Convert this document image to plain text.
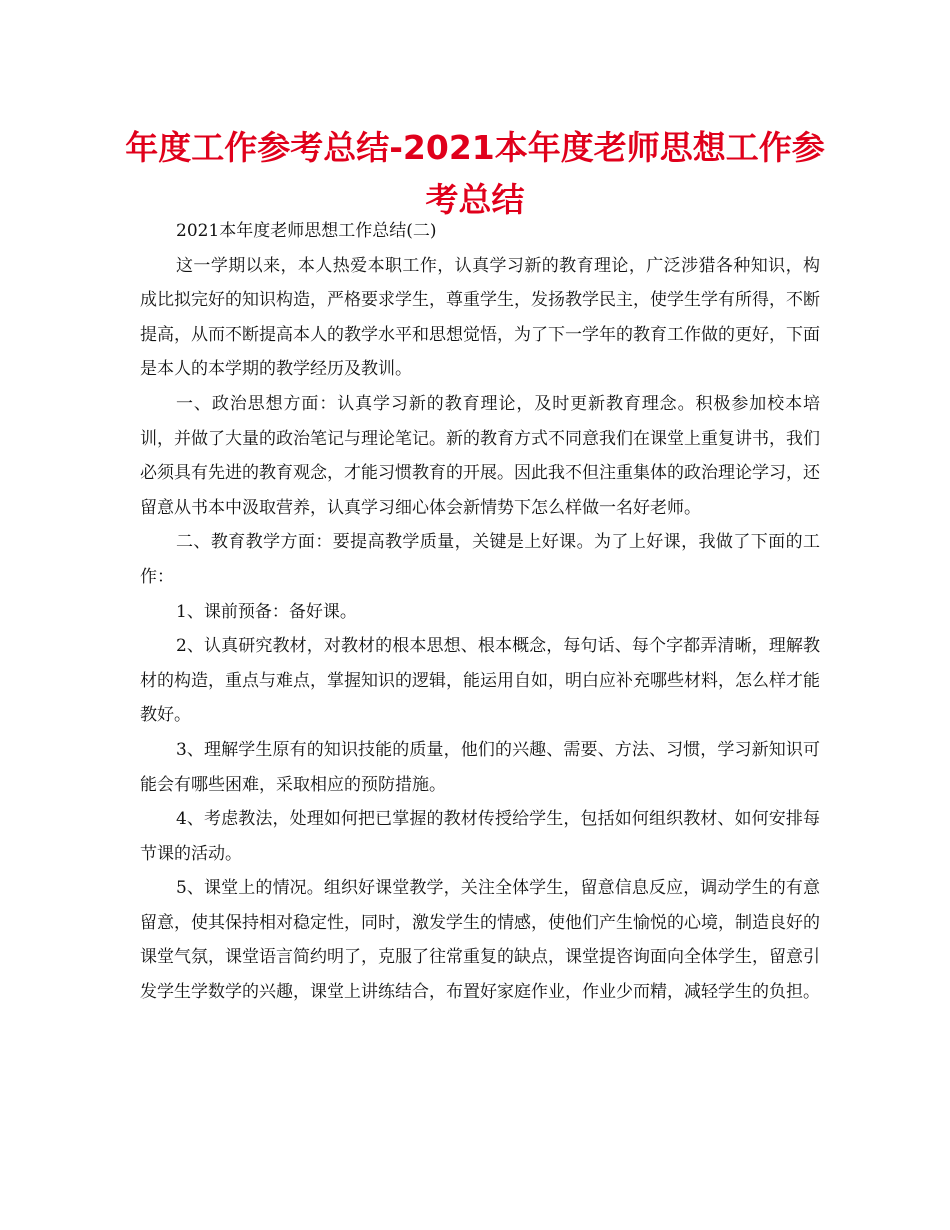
年度工作参考总结-2021本年度老师思想工作参考总结

2021本年度老师思想工作总结(二)

这一学期以来，本人热爱本职工作，认真学习新的教育理论，广泛涉猎各种知识，构成比拟完好的知识构造，严格要求学生，尊重学生，发扬教学民主，使学生学有所得，不断提高，从而不断提高本人的教学水平和思想觉悟，为了下一学年的教育工作做的更好，下面是本人的本学期的教学经历及教训。

一、政治思想方面：认真学习新的教育理论，及时更新教育理念。积极参加校本培训，并做了大量的政治笔记与理论笔记。新的教育方式不同意我们在课堂上重复讲书，我们必须具有先进的教育观念，才能习惯教育的开展。因此我不但注重集体的政治理论学习，还留意从书本中汲取营养，认真学习细心体会新情势下怎么样做一名好老师。

二、教育教学方面：要提高教学质量，关键是上好课。为了上好课，我做了下面的工作：

1、课前预备：备好课。

2、认真研究教材，对教材的根本思想、根本概念，每句话、每个字都弄清晰，理解教材的构造，重点与难点，掌握知识的逻辑，能运用自如，明白应补充哪些材料，怎么样才能教好。

3、理解学生原有的知识技能的质量，他们的兴趣、需要、方法、习惯，学习新知识可能会有哪些困难，采取相应的预防措施。

4、考虑教法，处理如何把已掌握的教材传授给学生，包括如何组织教材、如何安排每节课的活动。

5、课堂上的情况。组织好课堂教学，关注全体学生，留意信息反应，调动学生的有意留意，使其保持相对稳定性，同时，激发学生的情感，使他们产生愉悦的心境，制造良好的课堂气氛，课堂语言简约明了，克服了往常重复的缺点，课堂提咨询面向全体学生，留意引发学生学数学的兴趣，课堂上讲练结合，布置好家庭作业，作业少而精，减轻学生的负担。
